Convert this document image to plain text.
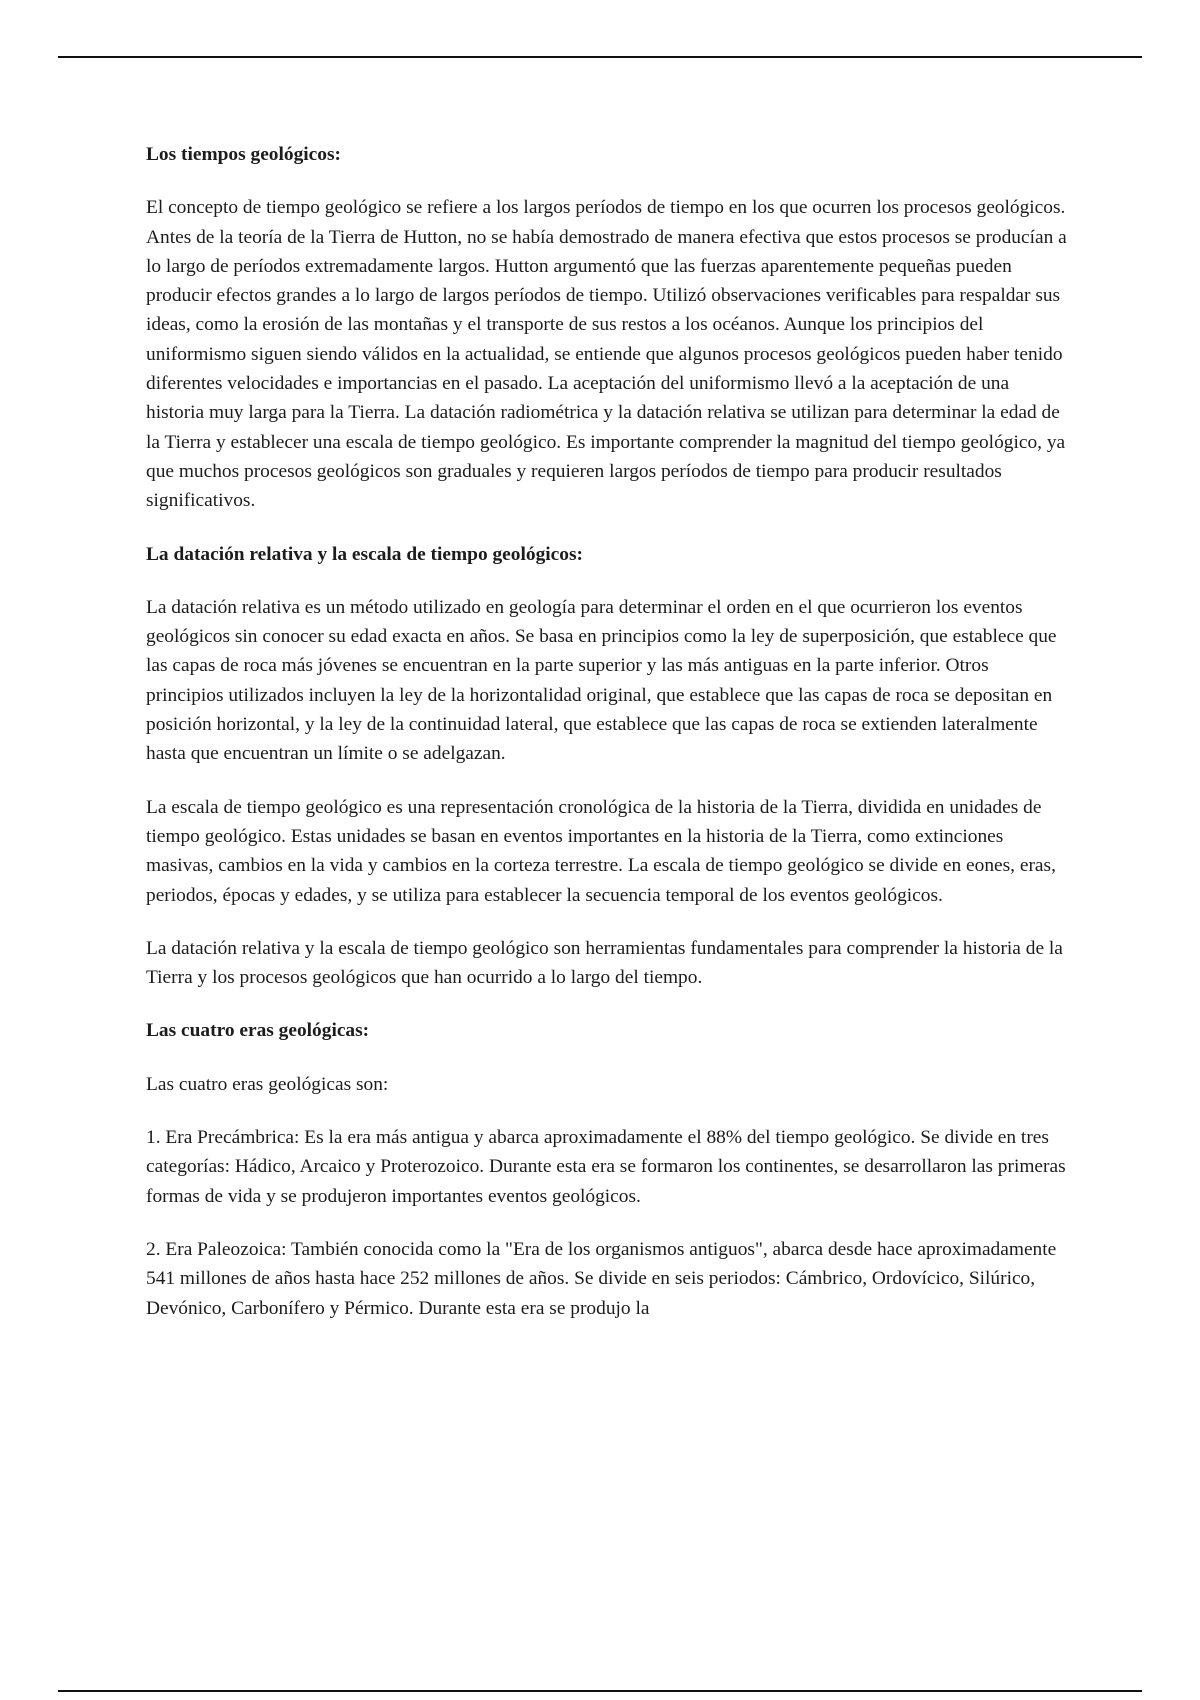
Los tiempos geológicos:

El concepto de tiempo geológico se refiere a los largos períodos de tiempo en los que ocurren los procesos geológicos. Antes de la teoría de la Tierra de Hutton, no se había demostrado de manera efectiva que estos procesos se producían a lo largo de períodos extremadamente largos. Hutton argumentó que las fuerzas aparentemente pequeñas pueden producir efectos grandes a lo largo de largos períodos de tiempo. Utilizó observaciones verificables para respaldar sus ideas, como la erosión de las montañas y el transporte de sus restos a los océanos. Aunque los principios del uniformismo siguen siendo válidos en la actualidad, se entiende que algunos procesos geológicos pueden haber tenido diferentes velocidades e importancias en el pasado. La aceptación del uniformismo llevó a la aceptación de una historia muy larga para la Tierra. La datación radiométrica y la datación relativa se utilizan para determinar la edad de la Tierra y establecer una escala de tiempo geológico. Es importante comprender la magnitud del tiempo geológico, ya que muchos procesos geológicos son graduales y requieren largos períodos de tiempo para producir resultados significativos.

La datación relativa y la escala de tiempo geológicos:

La datación relativa es un método utilizado en geología para determinar el orden en el que ocurrieron los eventos geológicos sin conocer su edad exacta en años. Se basa en principios como la ley de superposición, que establece que las capas de roca más jóvenes se encuentran en la parte superior y las más antiguas en la parte inferior. Otros principios utilizados incluyen la ley de la horizontalidad original, que establece que las capas de roca se depositan en posición horizontal, y la ley de la continuidad lateral, que establece que las capas de roca se extienden lateralmente hasta que encuentran un límite o se adelgazan.

La escala de tiempo geológico es una representación cronológica de la historia de la Tierra, dividida en unidades de tiempo geológico. Estas unidades se basan en eventos importantes en la historia de la Tierra, como extinciones masivas, cambios en la vida y cambios en la corteza terrestre. La escala de tiempo geológico se divide en eones, eras, periodos, épocas y edades, y se utiliza para establecer la secuencia temporal de los eventos geológicos.

La datación relativa y la escala de tiempo geológico son herramientas fundamentales para comprender la historia de la Tierra y los procesos geológicos que han ocurrido a lo largo del tiempo.

Las cuatro eras geológicas:

Las cuatro eras geológicas son:

1. Era Precámbrica: Es la era más antigua y abarca aproximadamente el 88% del tiempo geológico. Se divide en tres categorías: Hádico, Arcaico y Proterozoico. Durante esta era se formaron los continentes, se desarrollaron las primeras formas de vida y se produjeron importantes eventos geológicos.

2. Era Paleozoica: También conocida como la "Era de los organismos antiguos", abarca desde hace aproximadamente 541 millones de años hasta hace 252 millones de años. Se divide en seis periodos: Cámbrico, Ordovícico, Silúrico, Devónico, Carbonífero y Pérmico. Durante esta era se produjo la
